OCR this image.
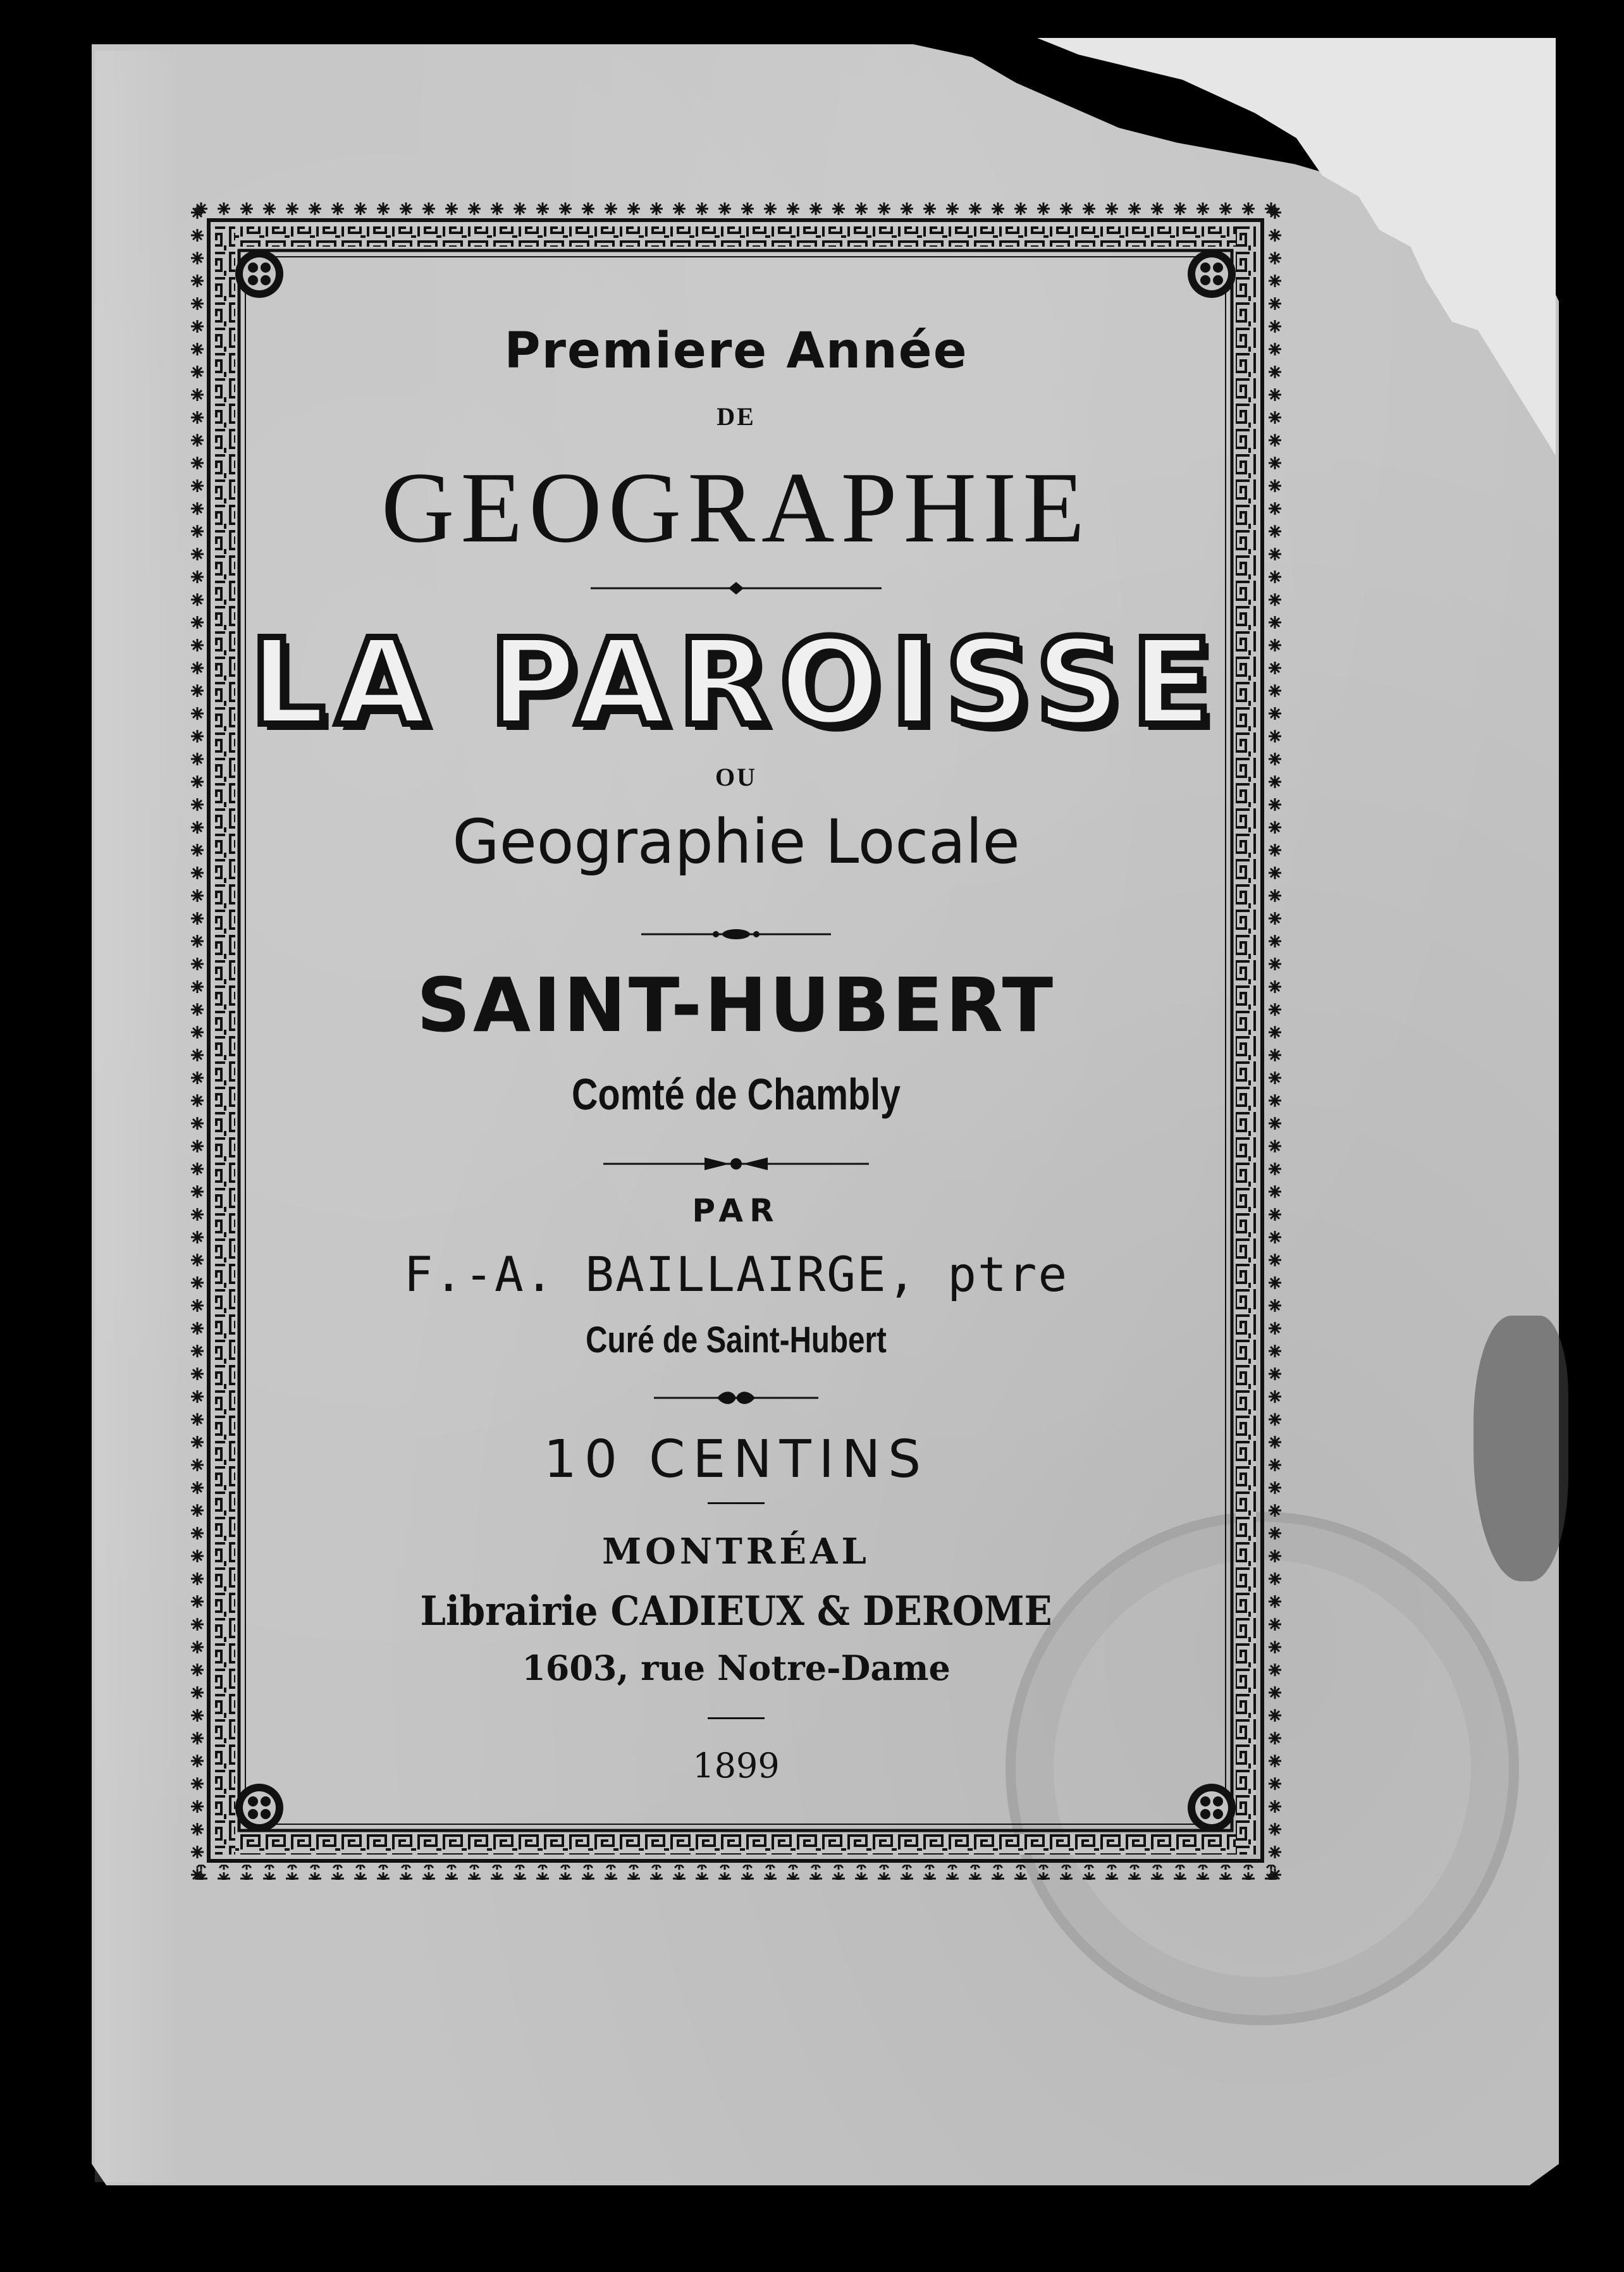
Premiere Année
DE
GEOGRAPHIE
LA PAROISSE
OU
Geographie Locale
SAINT-HUBERT
Comté de Chambly
PAR
F.-A. BAILLAIRGE, ptre
Curé de Saint-Hubert
10 CENTINS
MONTRÉAL
Librairie CADIEUX & DEROME
1603, rue Notre-Dame
1899
